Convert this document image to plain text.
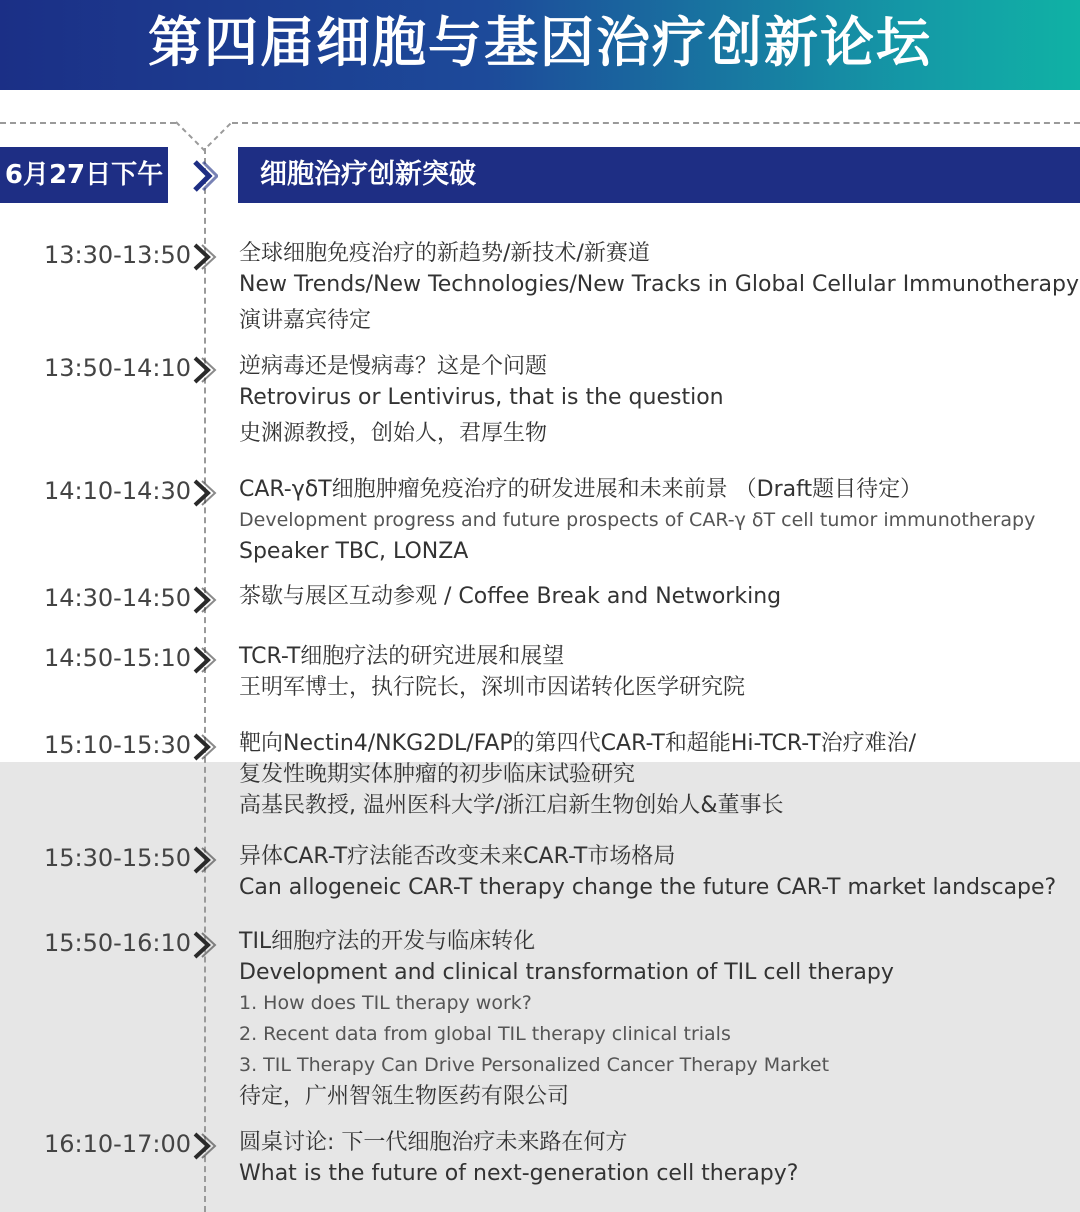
第四届细胞与基因治疗创新论坛
6月27日下午	细胞治疗创新突破
13:30-13:50 全球细胞免疫治疗的新趋势/新技术/新赛道
New Trends/New Technologies/New Tracks in Global Cellular Immunotherapy
演讲嘉宾待定
13:50-14:10 逆病毒还是慢病毒？这是个问题
Retrovirus or Lentivirus, that is the question
史渊源教授，创始人，君厚生物
14:10-14:30 CAR-γδT细胞肿瘤免疫治疗的研发进展和未来前景 （Draft题目待定）
Development progress and future prospects of CAR-γ δT cell tumor immunotherapy
Speaker TBC, LONZA
14:30-14:50 茶歇与展区互动参观 / Coffee Break and Networking
14:50-15:10 TCR-T细胞疗法的研究进展和展望
王明军博士，执行院长，深圳市因诺转化医学研究院
15:10-15:30 靶向Nectin4/NKG2DL/FAP的第四代CAR-T和超能Hi-TCR-T治疗难治/
复发性晚期实体肿瘤的初步临床试验研究
高基民教授, 温州医科大学/浙江启新生物创始人&董事长
15:30-15:50 异体CAR-T疗法能否改变未来CAR-T市场格局
Can allogeneic CAR-T therapy change the future CAR-T market landscape?
15:50-16:10 TIL细胞疗法的开发与临床转化
Development and clinical transformation of TIL cell therapy
1. How does TIL therapy work?
2. Recent data from global TIL therapy clinical trials
3. TIL Therapy Can Drive Personalized Cancer Therapy Market
待定，广州智瓴生物医药有限公司
16:10-17:00 圆桌讨论: 下一代细胞治疗未来路在何方
What is the future of next-generation cell therapy?
